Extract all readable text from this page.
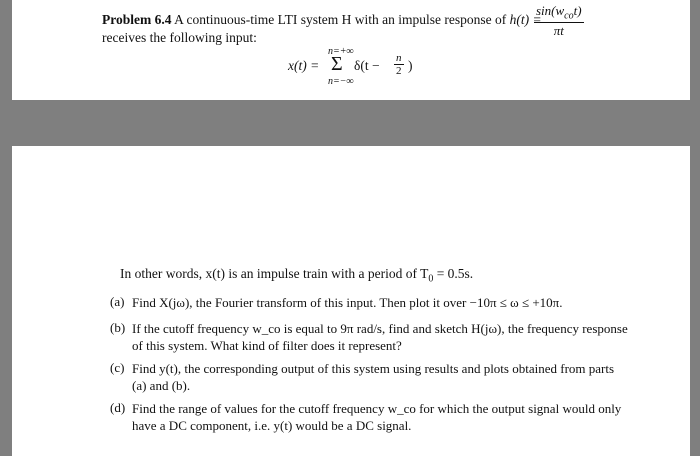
Problem 6.4 A continuous-time LTI system H with an impulse response of h(t) =
$\frac{\sin(w_{co}t)}{\pi t}$
receives the following input:
n=+∞
x(t) = Σ $\delta(t - \frac{n}{2}$ )
n=−∞
In other words, x(t) is an impulse train with a period of $T_0 = 0.5s$.
(a) Find X(jω), the Fourier transform of this input. Then plot it over −10π ≤ ω ≤ +10π.
(b) If the cutoff frequency w_co is equal to 9π rad/s, find and sketch H(jω), the frequency response of this system. What kind of filter does it represent?
(c) Find y(t), the corresponding output of this system using results and plots obtained from parts (a) and (b).
(d) Find the range of values for the cutoff frequency w_co for which the output signal would only have a DC component, i.e. y(t) would be a DC signal.
